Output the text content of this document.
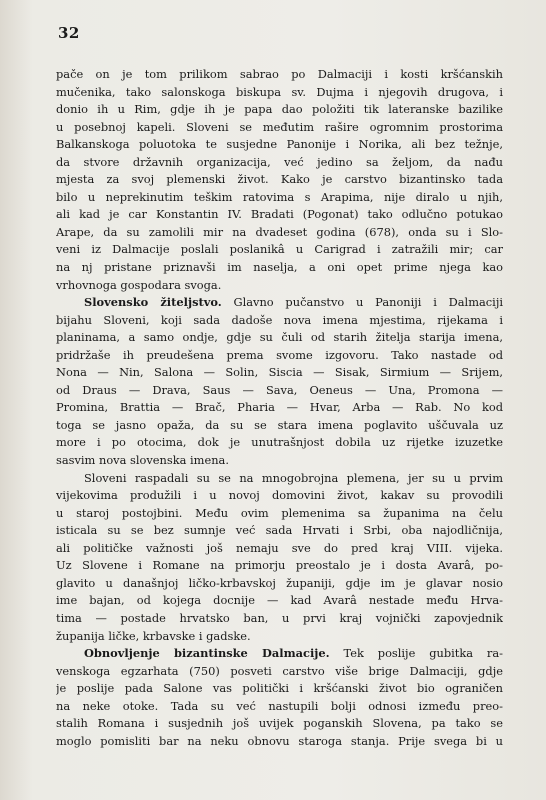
32
pače on je tom prilikom sabrao po Dalmaciji i kosti kršćanskih
mučenika, tako salonskoga biskupa sv. Dujma i njegovih drugova, i
donio ih u Rim, gdje ih je papa dao položiti tik lateranske bazilike
u posebnoj kapeli. Sloveni se međutim raširе ogromnim prostorima
Balkanskoga poluotoka te susjedne Panonije i Norika, ali bez težnje,
da stvore državnih organizacija, već jedino sa željom, da nađu
mjesta za svoj plemenski život. Kako je carstvo bizantinsko tada
bilo u neprekinutim teškim ratovima s Arapima, nije diralo u njih,
ali kad je car Konstantin IV. Bradati (Pogonat) tako odlučno potukao
Arape, da su zamolili mir na dvadeset godina (678), onda su i Slo-
veni iz Dalmacije poslali poslanikâ u Carigrad i zatražili mir; car
na nj pristane priznavši im naselja, a oni opet prime njega kao
vrhovnoga gospodara svoga.
Slovensko žiteljstvo. Glavno pučanstvo u Panoniji i Dalmaciji
bijahu Sloveni, koji sada dadoše nova imena mjestima, rijekama i
planinama, a samo ondje, gdje su čuli od starih žitelja starija imena,
pridržaše ih preudešena prema svome izgovoru. Tako nastade od
Nona — Nin, Salona — Solin, Siscia — Sisak, Sirmium — Srijem,
od Draus — Drava, Saus — Sava, Oeneus — Una, Promona —
Promina, Brattia — Brač, Pharia — Hvar, Arba — Rab. No kod
toga se jasno opaža, da su se stara imena poglavito uščuvala uz
more i po otocima, dok je unutrašnjost dobila uz rijetke izuzetke
sasvim nova slovenska imena.
Sloveni raspadali su se na mnogobrojna plemena, jer su u prvim
vijekovima produžili i u novoj domovini život, kakav su provodili
u staroj postojbini. Među ovim plemenima sa županima na čelu
isticala su se bez sumnje već sada Hrvati i Srbi, oba najodličnija,
ali političke važnosti još nemaju sve do pred kraj VIII. vijeka.
Uz Slovene i Romane na primorju preostalo je i dosta Avarâ, po-
glavito u današnjoj ličko-krbavskoj županiji, gdje im je glavar nosio
ime bajan, od kojega docnije — kad Avarâ nestade među Hrva-
tima — postade hrvatsko ban, u prvi kraj vojnički zapovjednik
županija ličke, krbavske i gadske.
Obnovljenje bizantinske Dalmacije. Tek poslije gubitka ra-
venskoga egzarhata (750) posveti carstvo više brige Dalmaciji, gdje
je poslije pada Salone vas politički i kršćanski život bio ograničen
na neke otoke. Tada su već nastupili bolji odnosi između preo-
stalih Romana i susjednih još uvijek poganskih Slovena, pa tako se
moglo pomisliti bar na neku obnovu staroga stanja. Prije svega bi u
